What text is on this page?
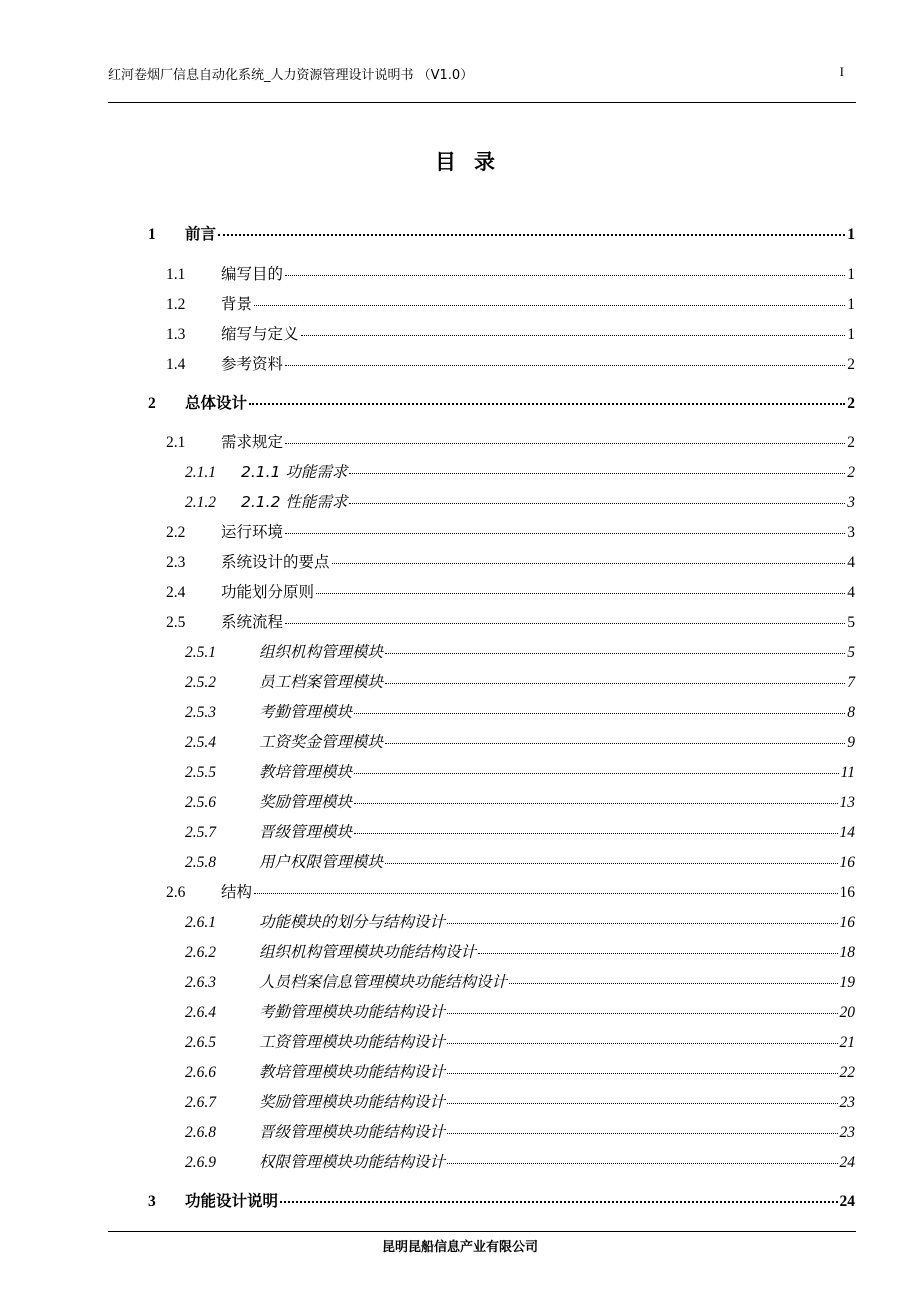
红河卷烟厂信息自动化系统_人力资源管理设计说明书 （V1.0）	I
目录
1	前言	1
1.1	编写目的	1
1.2	背景	1
1.3	缩写与定义	1
1.4	参考资料	2
2	总体设计	2
2.1	需求规定	2
2.1.1	2.1.1 功能需求	2
2.1.2	2.1.2 性能需求	3
2.2	运行环境	3
2.3	系统设计的要点	4
2.4	功能划分原则	4
2.5	系统流程	5
2.5.1	组织机构管理模块	5
2.5.2	员工档案管理模块	7
2.5.3	考勤管理模块	8
2.5.4	工资奖金管理模块	9
2.5.5	教培管理模块	11
2.5.6	奖励管理模块	13
2.5.7	晋级管理模块	14
2.5.8	用户权限管理模块	16
2.6	结构	16
2.6.1	功能模块的划分与结构设计	16
2.6.2	组织机构管理模块功能结构设计	18
2.6.3	人员档案信息管理模块功能结构设计	19
2.6.4	考勤管理模块功能结构设计	20
2.6.5	工资管理模块功能结构设计	21
2.6.6	教培管理模块功能结构设计	22
2.6.7	奖励管理模块功能结构设计	23
2.6.8	晋级管理模块功能结构设计	23
2.6.9	权限管理模块功能结构设计	24
3	功能设计说明	24
昆明昆船信息产业有限公司
